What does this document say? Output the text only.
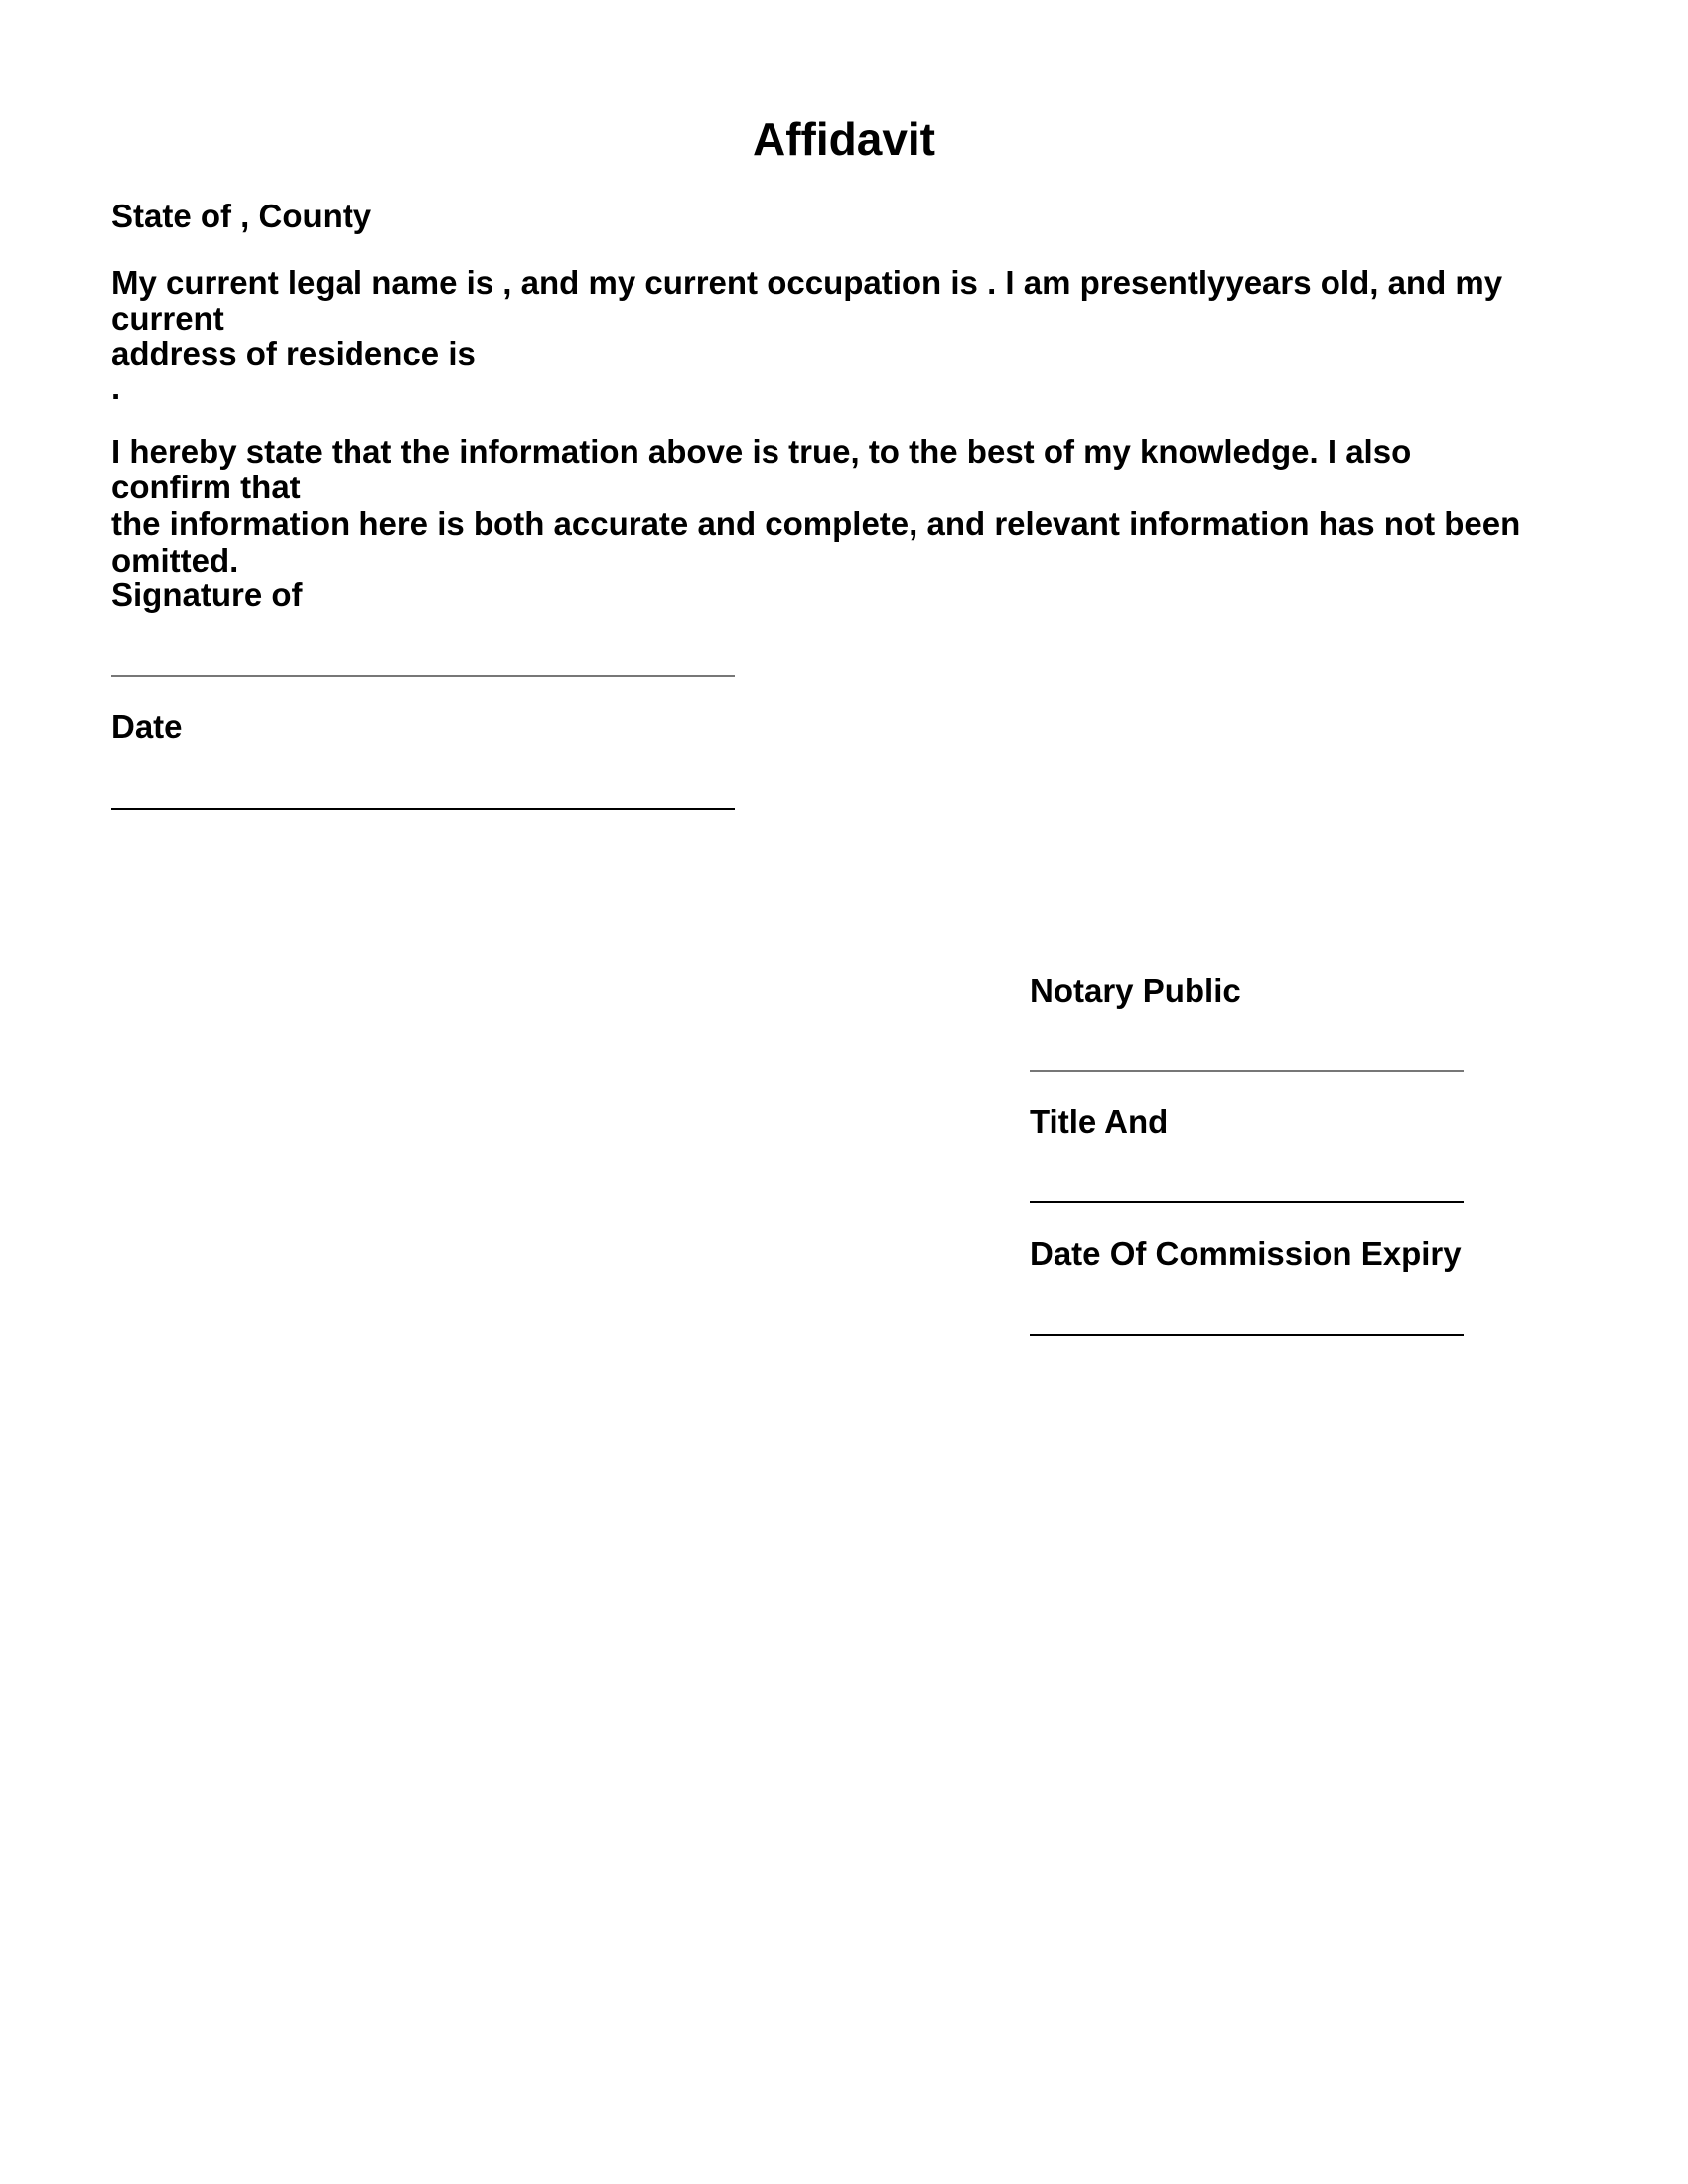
Affidavit

State of , County

My current legal name is , and my current occupation is . I am presentlyyears old, and my

current

address of residence is

.

I hereby state that the information above is true, to the best of my knowledge. I also

confirm that

the information here is both accurate and complete, and relevant information has not been

omitted.

Signature of

Date

Notary Public

Title And

Date Of Commission Expiry
